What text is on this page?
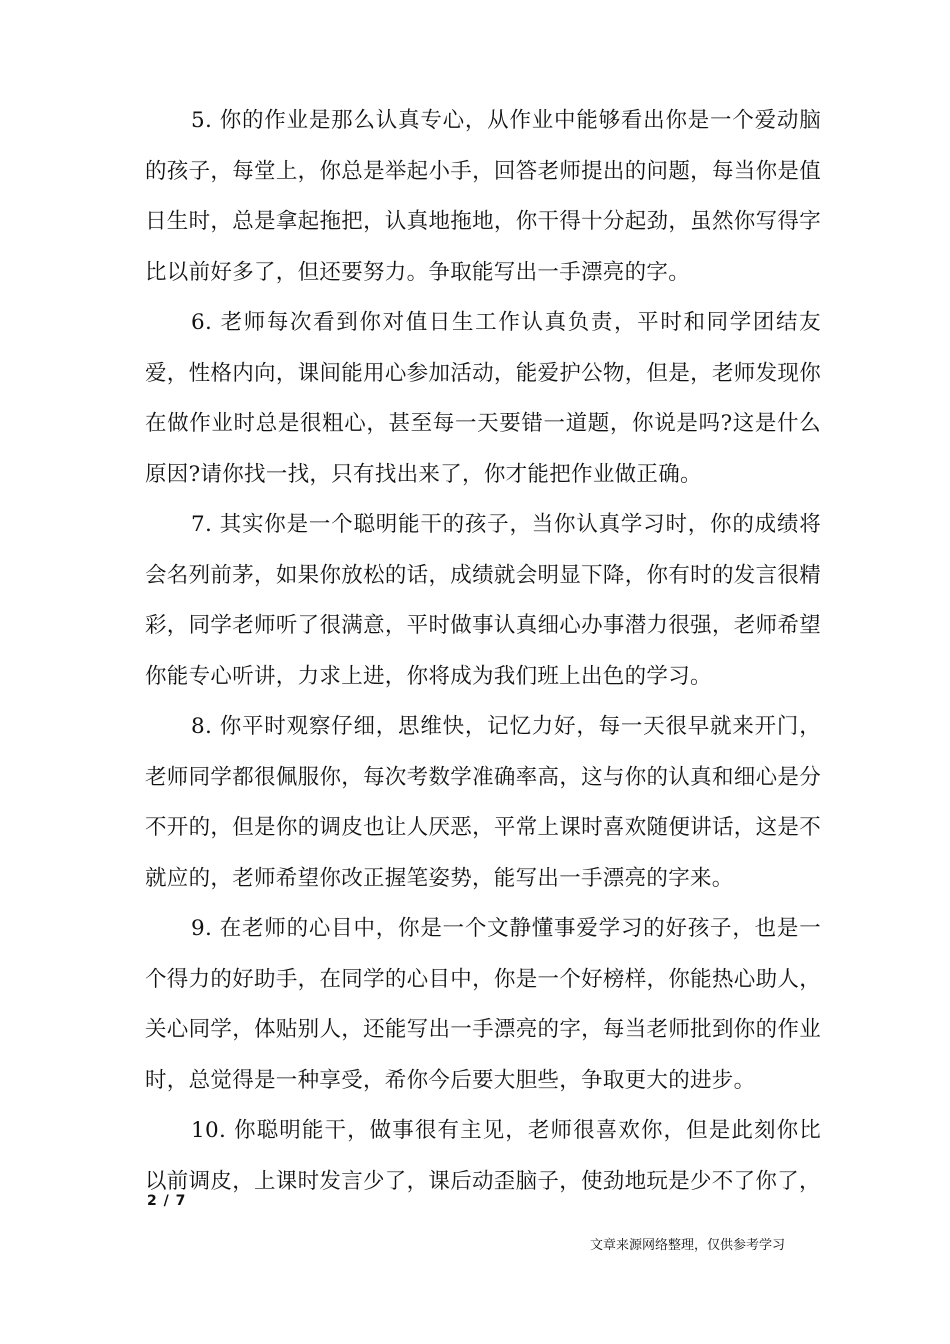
5. 你的作业是那么认真专心，从作业中能够看出你是一个爱动脑的孩子，每堂上，你总是举起小手，回答老师提出的问题，每当你是值日生时，总是拿起拖把，认真地拖地，你干得十分起劲，虽然你写得字比以前好多了，但还要努力。争取能写出一手漂亮的字。

6. 老师每次看到你对值日生工作认真负责，平时和同学团结友爱，性格内向，课间能用心参加活动，能爱护公物，但是，老师发现你在做作业时总是很粗心，甚至每一天要错一道题，你说是吗?这是什么原因?请你找一找，只有找出来了，你才能把作业做正确。

7. 其实你是一个聪明能干的孩子，当你认真学习时，你的成绩将会名列前茅，如果你放松的话，成绩就会明显下降，你有时的发言很精彩，同学老师听了很满意，平时做事认真细心办事潜力很强，老师希望你能专心听讲，力求上进，你将成为我们班上出色的学习。

8. 你平时观察仔细，思维快，记忆力好，每一天很早就来开门，老师同学都很佩服你，每次考数学准确率高，这与你的认真和细心是分不开的，但是你的调皮也让人厌恶，平常上课时喜欢随便讲话，这是不就应的，老师希望你改正握笔姿势，能写出一手漂亮的字来。

9. 在老师的心目中，你是一个文静懂事爱学习的好孩子，也是一个得力的好助手，在同学的心目中，你是一个好榜样，你能热心助人，关心同学，体贴别人，还能写出一手漂亮的字，每当老师批到你的作业时，总觉得是一种享受，希你今后要大胆些，争取更大的进步。

10. 你聪明能干，做事很有主见，老师很喜欢你，但是此刻你比以前调皮，上课时发言少了，课后动歪脑子，使劲地玩是少不了你了，

2 / 7
文章来源网络整理，仅供参考学习
